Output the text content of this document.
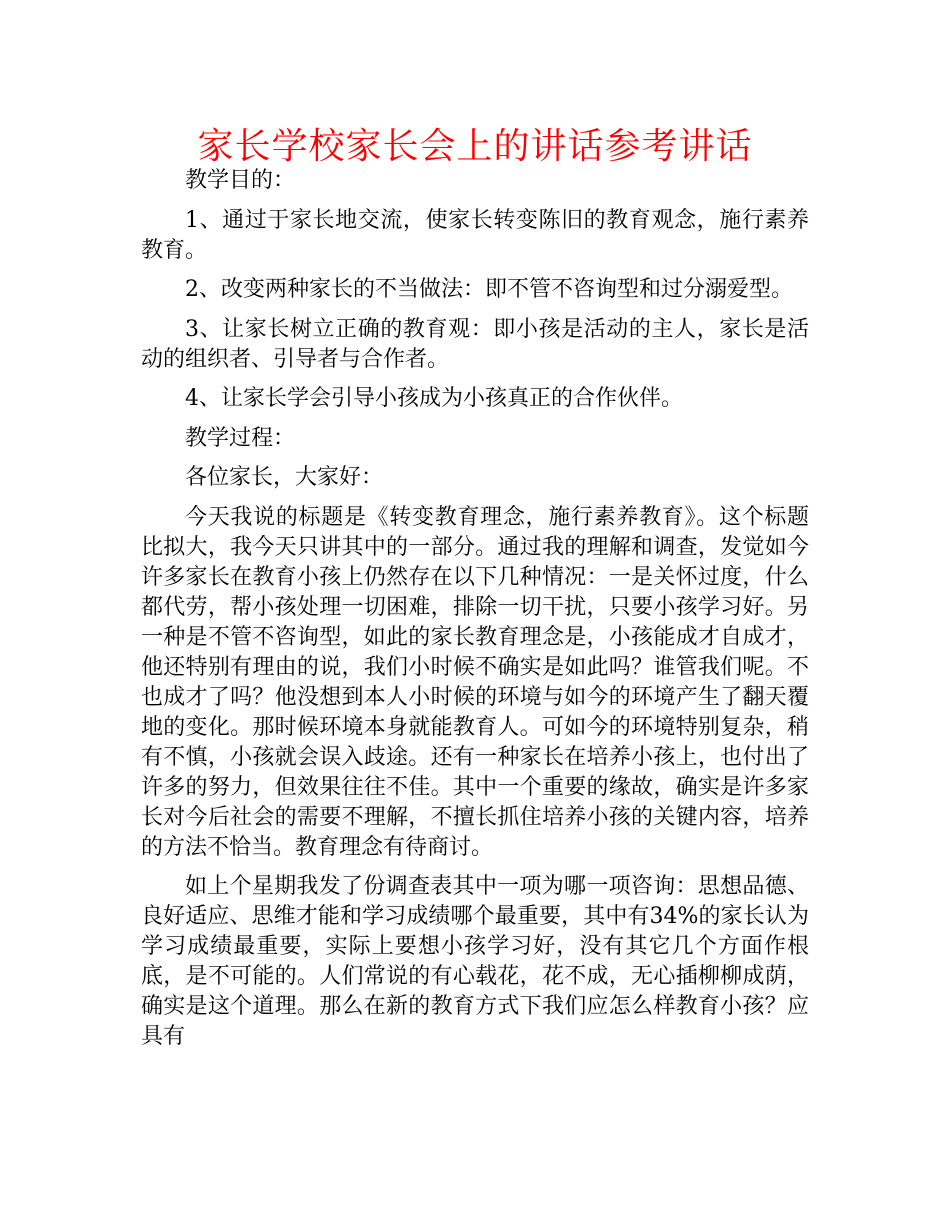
家长学校家长会上的讲话参考讲话

教学目的：

1、通过于家长地交流，使家长转变陈旧的教育观念，施行素养教育。

2、改变两种家长的不当做法：即不管不咨询型和过分溺爱型。

3、让家长树立正确的教育观：即小孩是活动的主人，家长是活动的组织者、引导者与合作者。

4、让家长学会引导小孩成为小孩真正的合作伙伴。

教学过程：

各位家长，大家好：

今天我说的标题是《转变教育理念，施行素养教育》。这个标题比拟大，我今天只讲其中的一部分。通过我的理解和调查，发觉如今许多家长在教育小孩上仍然存在以下几种情况：一是关怀过度，什么都代劳，帮小孩处理一切困难，排除一切干扰，只要小孩学习好。另一种是不管不咨询型，如此的家长教育理念是，小孩能成才自成才，他还特别有理由的说，我们小时候不确实是如此吗？谁管我们呢。不也成才了吗？他没想到本人小时候的环境与如今的环境产生了翻天覆地的变化。那时候环境本身就能教育人。可如今的环境特别复杂，稍有不慎，小孩就会误入歧途。还有一种家长在培养小孩上，也付出了许多的努力，但效果往往不佳。其中一个重要的缘故，确实是许多家长对今后社会的需要不理解，不擅长抓住培养小孩的关键内容，培养的方法不恰当。教育理念有待商讨。

如上个星期我发了份调查表其中一项为哪一项咨询：思想品德、良好适应、思维才能和学习成绩哪个最重要，其中有34%的家长认为学习成绩最重要，实际上要想小孩学习好，没有其它几个方面作根底，是不可能的。人们常说的有心载花，花不成，无心插柳柳成荫，确实是这个道理。那么在新的教育方式下我们应怎么样教育小孩？应具有
